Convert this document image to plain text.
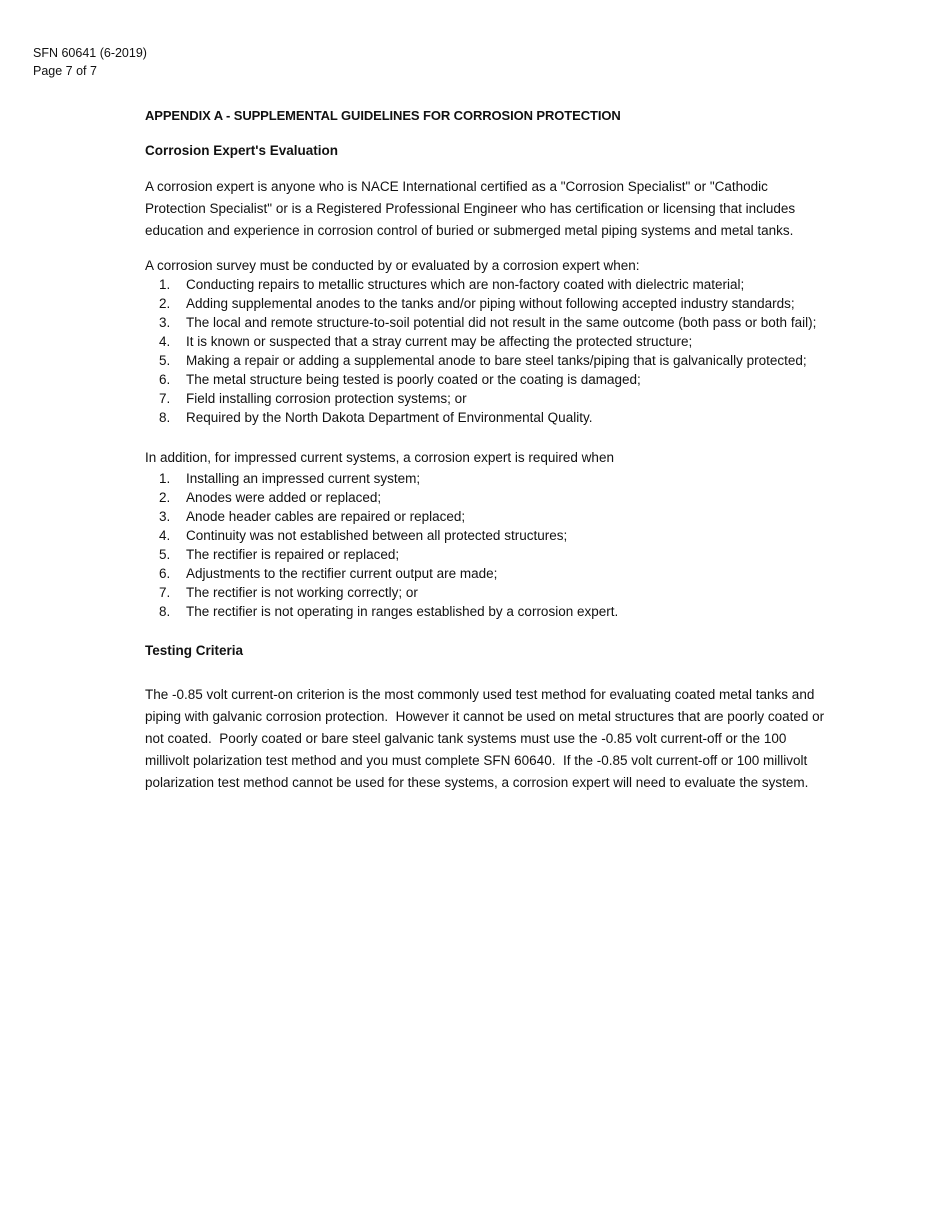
SFN 60641 (6-2019)
Page 7 of 7
APPENDIX A - SUPPLEMENTAL GUIDELINES FOR CORROSION PROTECTION
Corrosion Expert's Evaluation

A corrosion expert is anyone who is NACE International certified as a "Corrosion Specialist" or "Cathodic Protection Specialist" or is a Registered Professional Engineer who has certification or licensing that includes education and experience in corrosion control of buried or submerged metal piping systems and metal tanks.

A corrosion survey must be conducted by or evaluated by a corrosion expert when:

1. Conducting repairs to metallic structures which are non-factory coated with dielectric material;
2. Adding supplemental anodes to the tanks and/or piping without following accepted industry standards;
3. The local and remote structure-to-soil potential did not result in the same outcome (both pass or both fail);
4. It is known or suspected that a stray current may be affecting the protected structure;
5. Making a repair or adding a supplemental anode to bare steel tanks/piping that is galvanically protected;
6. The metal structure being tested is poorly coated or the coating is damaged;
7. Field installing corrosion protection systems; or
8. Required by the North Dakota Department of Environmental Quality.

In addition, for impressed current systems, a corrosion expert is required when

1. Installing an impressed current system;
2. Anodes were added or replaced;
3. Anode header cables are repaired or replaced;
4. Continuity was not established between all protected structures;
5. The rectifier is repaired or replaced;
6. Adjustments to the rectifier current output are made;
7. The rectifier is not working correctly; or
8. The rectifier is not operating in ranges established by a corrosion expert.
Testing Criteria

The -0.85 volt current-on criterion is the most commonly used test method for evaluating coated metal tanks and piping with galvanic corrosion protection.  However it cannot be used on metal structures that are poorly coated or not coated.  Poorly coated or bare steel galvanic tank systems must use the -0.85 volt current-off or the 100 millivolt polarization test method and you must complete SFN 60640.  If the -0.85 volt current-off or 100 millivolt polarization test method cannot be used for these systems, a corrosion expert will need to evaluate the system.
